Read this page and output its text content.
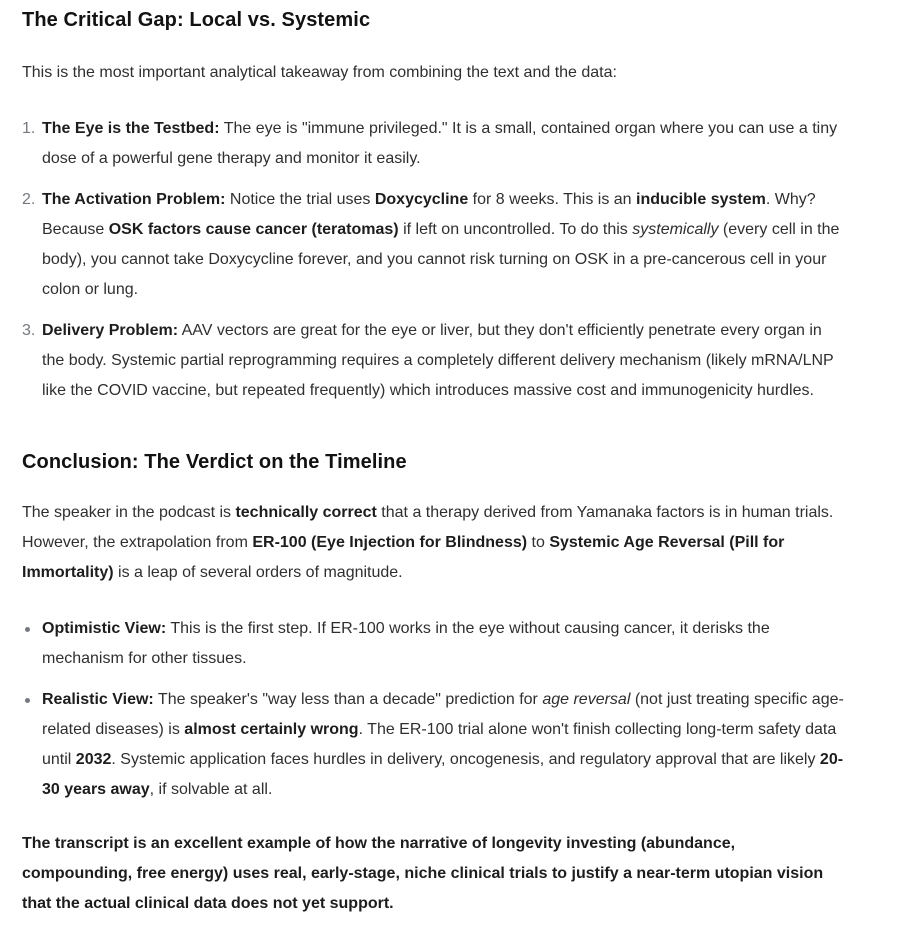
The Critical Gap: Local vs. Systemic

This is the most important analytical takeaway from combining the text and the data:

1. The Eye is the Testbed: The eye is "immune privileged." It is a small, contained organ where you can use a tiny dose of a powerful gene therapy and monitor it easily.
2. The Activation Problem: Notice the trial uses Doxycycline for 8 weeks. This is an inducible system. Why? Because OSK factors cause cancer (teratomas) if left on uncontrolled. To do this systemically (every cell in the body), you cannot take Doxycycline forever, and you cannot risk turning on OSK in a pre-cancerous cell in your colon or lung.
3. Delivery Problem: AAV vectors are great for the eye or liver, but they don't efficiently penetrate every organ in the body. Systemic partial reprogramming requires a completely different delivery mechanism (likely mRNA/LNP like the COVID vaccine, but repeated frequently) which introduces massive cost and immunogenicity hurdles.
Conclusion: The Verdict on the Timeline

The speaker in the podcast is technically correct that a therapy derived from Yamanaka factors is in human trials. However, the extrapolation from ER-100 (Eye Injection for Blindness) to Systemic Age Reversal (Pill for Immortality) is a leap of several orders of magnitude.

Optimistic View: This is the first step. If ER-100 works in the eye without causing cancer, it derisks the mechanism for other tissues.
Realistic View: The speaker's "way less than a decade" prediction for age reversal (not just treating specific age-related diseases) is almost certainly wrong. The ER-100 trial alone won't finish collecting long-term safety data until 2032. Systemic application faces hurdles in delivery, oncogenesis, and regulatory approval that are likely 20-30 years away, if solvable at all.

The transcript is an excellent example of how the narrative of longevity investing (abundance, compounding, free energy) uses real, early-stage, niche clinical trials to justify a near-term utopian vision that the actual clinical data does not yet support.
